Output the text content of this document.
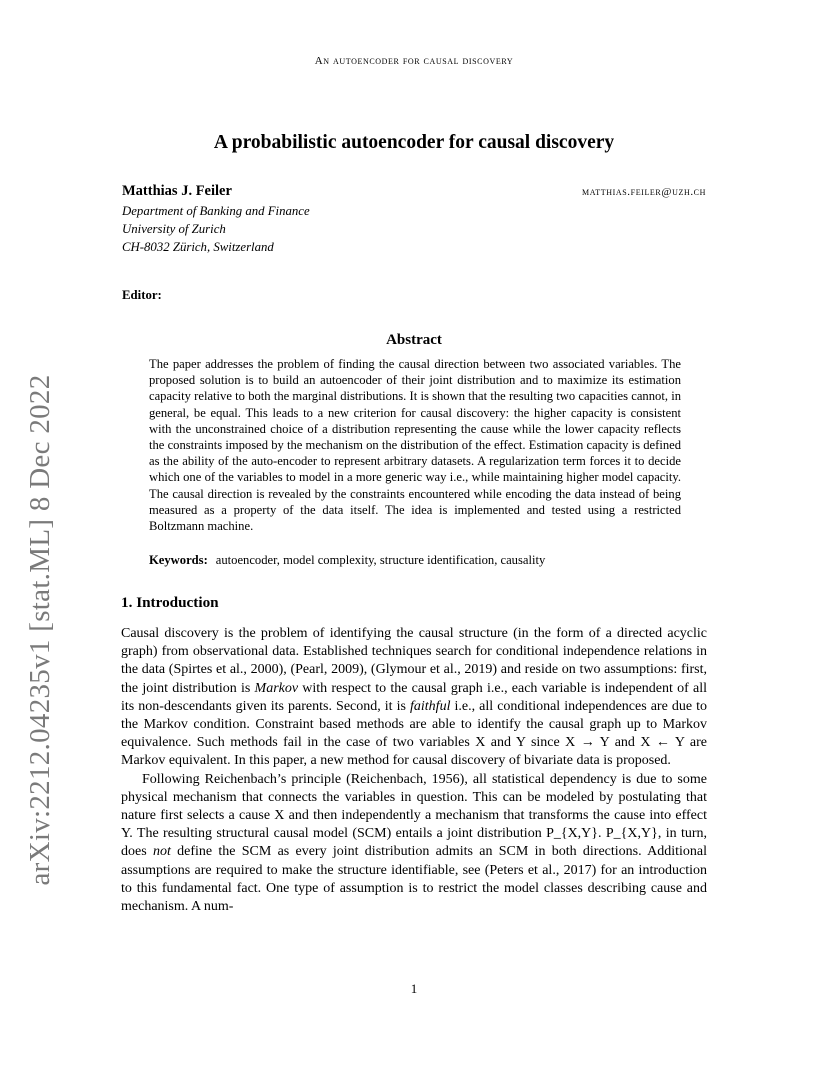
An autoencoder for causal discovery
arXiv:2212.04235v1 [stat.ML] 8 Dec 2022
A probabilistic autoencoder for causal discovery
Matthias J. Feiler	matthias.feiler@uzh.ch
Department of Banking and Finance
University of Zurich
CH-8032 Zürich, Switzerland
Editor:
Abstract
The paper addresses the problem of finding the causal direction between two associated variables. The proposed solution is to build an autoencoder of their joint distribution and to maximize its estimation capacity relative to both the marginal distributions. It is shown that the resulting two capacities cannot, in general, be equal. This leads to a new criterion for causal discovery: the higher capacity is consistent with the unconstrained choice of a distribution representing the cause while the lower capacity reflects the constraints imposed by the mechanism on the distribution of the effect. Estimation capacity is defined as the ability of the auto-encoder to represent arbitrary datasets. A regularization term forces it to decide which one of the variables to model in a more generic way i.e., while maintaining higher model capacity. The causal direction is revealed by the constraints encountered while encoding the data instead of being measured as a property of the data itself. The idea is implemented and tested using a restricted Boltzmann machine.
Keywords: autoencoder, model complexity, structure identification, causality
1. Introduction

Causal discovery is the problem of identifying the causal structure (in the form of a directed acyclic graph) from observational data. Established techniques search for conditional independence relations in the data (Spirtes et al., 2000), (Pearl, 2009), (Glymour et al., 2019) and reside on two assumptions: first, the joint distribution is Markov with respect to the causal graph i.e., each variable is independent of all its non-descendants given its parents. Second, it is faithful i.e., all conditional independences are due to the Markov condition. Constraint based methods are able to identify the causal graph up to Markov equivalence. Such methods fail in the case of two variables X and Y since X → Y and X ← Y are Markov equivalent. In this paper, a new method for causal discovery of bivariate data is proposed.

Following Reichenbach’s principle (Reichenbach, 1956), all statistical dependency is due to some physical mechanism that connects the variables in question. This can be modeled by postulating that nature first selects a cause X and then independently a mechanism that transforms the cause into effect Y. The resulting structural causal model (SCM) entails a joint distribution P_{X,Y}. P_{X,Y}, in turn, does not define the SCM as every joint distribution admits an SCM in both directions. Additional assumptions are required to make the structure identifiable, see (Peters et al., 2017) for an introduction to this fundamental fact. One type of assumption is to restrict the model classes describing cause and mechanism. A num-

1
